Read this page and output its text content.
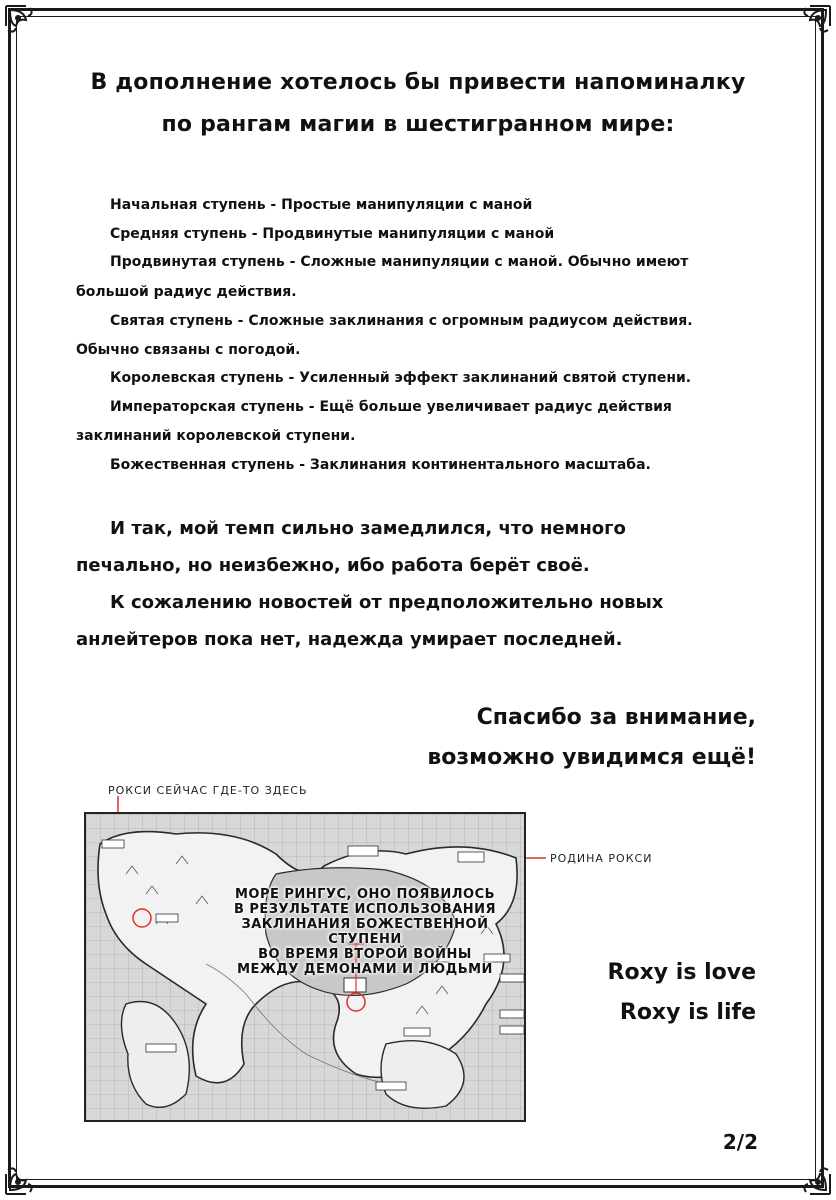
В дополнение хотелось бы привести напоминалку
по рангам магии в шестигранном мире:
Начальная ступень - Простые манипуляции с маной
Средняя ступень - Продвинутые манипуляции с маной
Продвинутая ступень - Сложные манипуляции с маной. Обычно имеют
большой радиус действия.
Святая ступень - Сложные заклинания с огромным радиусом действия.
Обычно связаны с погодой.
Королевская ступень - Усиленный эффект заклинаний святой ступени.
Императорская ступень - Ещё больше увеличивает радиус действия
заклинаний королевской ступени.
Божественная ступень - Заклинания континентального масштаба.
И так, мой темп сильно замедлился, что немного
печально, но неизбежно, ибо работа берёт своё.
К сожалению новостей от предположительно новых
анлейтеров пока нет, надежда умирает последней.
Спасибо за внимание,
возможно увидимся ещё!
РОКСИ СЕЙЧАС ГДЕ-ТО ЗДЕСЬ
РОДИНА РОКСИ
МОРЕ РИНГУС, ОНО ПОЯВИЛОСЬ
В РЕЗУЛЬТАТЕ ИСПОЛЬЗОВАНИЯ
ЗАКЛИНАНИЯ БОЖЕСТВЕННОЙ СТУПЕНИ
ВО ВРЕМЯ ВТОРОЙ ВОЙНЫ
МЕЖДУ ДЕМОНАМИ И ЛЮДЬМИ	Roxy is love
Roxy is life
2/2
